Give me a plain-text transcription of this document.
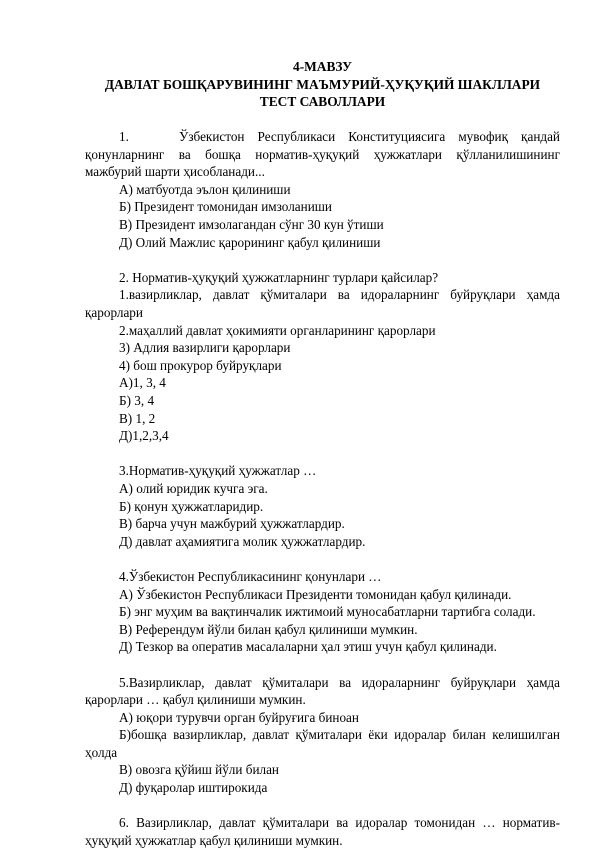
4-МАВЗУ
ДАВЛАТ БОШҚАРУВИНИНГ МАЪМУРИЙ-ҲУҚУҚИЙ ШАКЛЛАРИ
ТЕСТ САВОЛЛАРИ

1.	Ўзбекистон Республикаси Конституциясига мувофиқ қандай қонунларнинг ва бошқа норматив-ҳуқуқий ҳужжатлари қўлланилишининг мажбурий шарти ҳисобланади...

А) матбуотда эълон қилиниши

Б) Президент томонидан имзоланиши

В) Президент имзолагандан сўнг 30 кун ўтиши

Д) Олий Мажлис қарорининг қабул қилиниши

2. Норматив-ҳуқуқий ҳужжатларнинг турлари қайсилар?

1.вазирликлар, давлат қўмиталари ва идораларнинг буйруқлари ҳамда қарорлари

2.маҳаллий давлат ҳокимияти органларининг қарорлари

3) Адлия вазирлиги қарорлари

4) бош прокурор буйруқлари

А)1, 3, 4

Б) 3, 4

В) 1, 2

Д)1,2,3,4

3.Норматив-ҳуқуқий ҳужжатлар …

А) олий юридик кучга эга.

Б) қонун ҳужжатларидир.

В) барча учун мажбурий ҳужжатлардир.

Д) давлат аҳамиятига молик ҳужжатлардир.

4.Ўзбекистон Республикасининг қонунлари …

А) Ўзбекистон Республикаси Президенти томонидан қабул қилинади.

Б) энг муҳим ва вақтинчалик ижтимоий муносабатларни тартибга солади.

В) Референдум йўли билан қабул қилиниши мумкин.

Д) Тезкор ва оператив масалаларни ҳал этиш учун қабул қилинади.

5.Вазирликлар, давлат қўмиталари ва идораларнинг буйруқлари ҳамда қарорлари … қабул қилиниши мумкин.

А) юқори турувчи орган буйруғига биноан

Б)бошқа вазирликлар, давлат қўмиталари ёки идоралар билан келишилган ҳолда

В) овозга қўйиш йўли билан

Д) фуқаролар иштирокида

6. Вазирликлар, давлат қўмиталари ва идоралар томонидан … норматив-ҳуқуқий ҳужжатлар қабул қилиниши мумкин.
